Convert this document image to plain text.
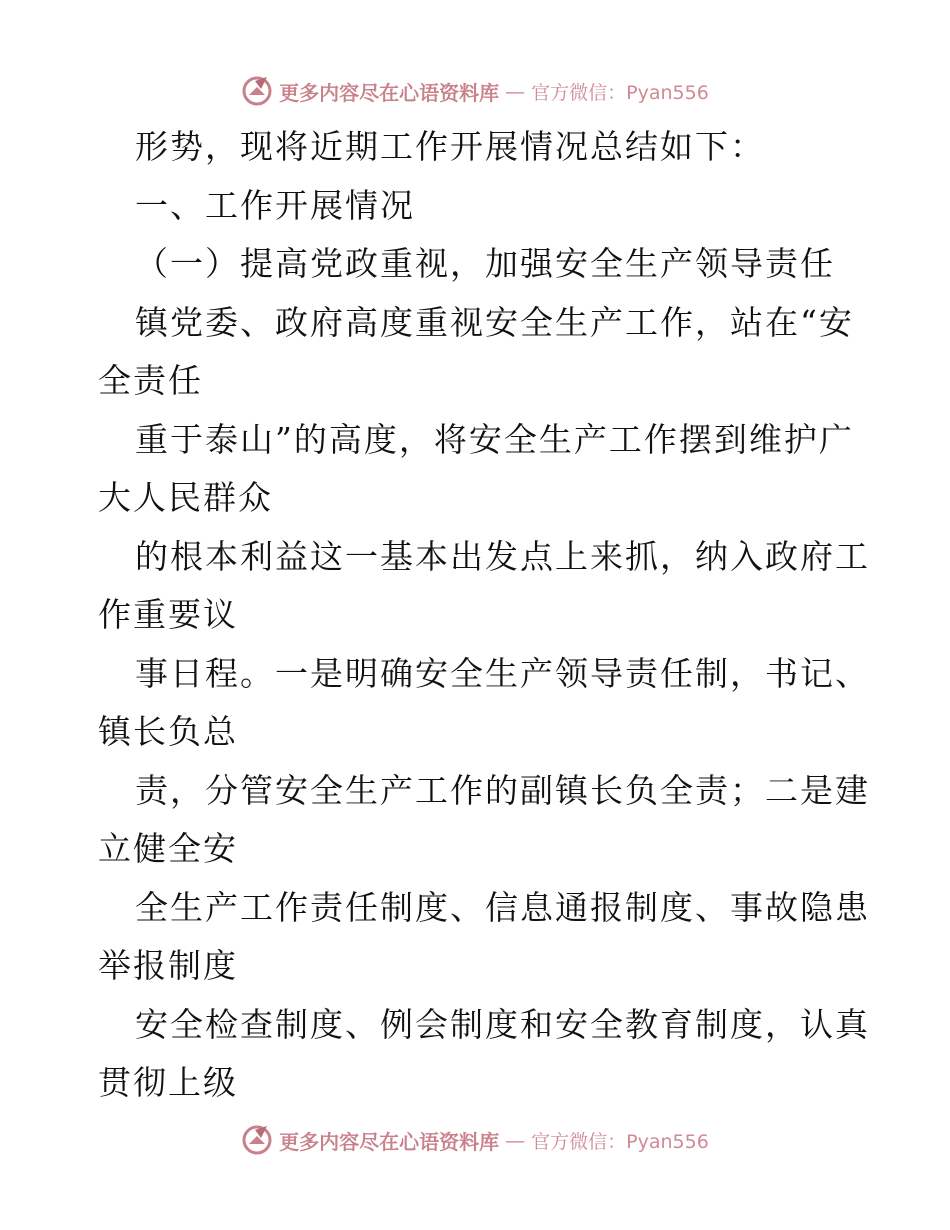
更多内容尽在心语资料库 — 官方微信：Pyan556
形势，现将近期工作开展情况总结如下：
一、工作开展情况
（一）提高党政重视，加强安全生产领导责任
镇党委、政府高度重视安全生产工作，站在“安
全责任
重于泰山”的高度，将安全生产工作摆到维护广
大人民群众
的根本利益这一基本出发点上来抓，纳入政府工
作重要议
事日程。一是明确安全生产领导责任制，书记、
镇长负总
责，分管安全生产工作的副镇长负全责；二是建
立健全安
全生产工作责任制度、信息通报制度、事故隐患
举报制度
安全检查制度、例会制度和安全教育制度，认真
贯彻上级
更多内容尽在心语资料库 — 官方微信：Pyan556
